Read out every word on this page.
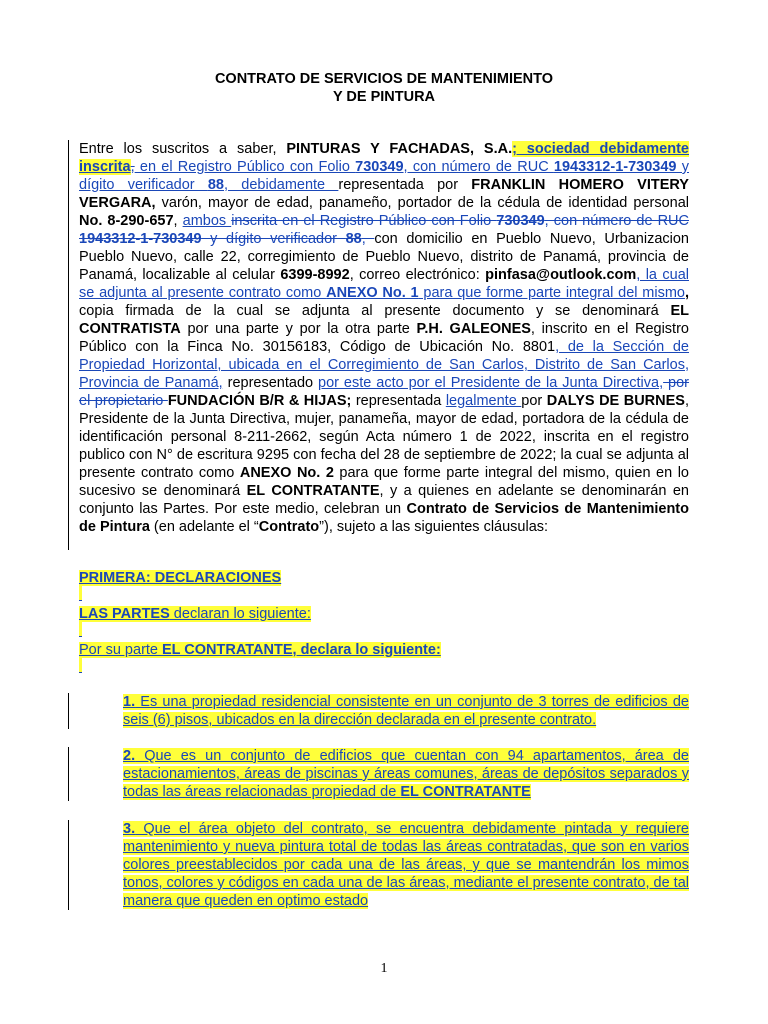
CONTRATO DE SERVICIOS DE MANTENIMIENTO
Y DE PINTURA
Entre los suscritos a saber, PINTURAS Y FACHADAS, S.A.; sociedad debidamente inscrita, en el Registro Público con Folio 730349, con número de RUC 1943312-1-730349 y dígito verificador 88, debidamente representada por FRANKLIN HOMERO VITERY VERGARA, varón, mayor de edad, panameño, portador de la cédula de identidad personal No. 8-290-657, ambos inscrita en el Registro Público con Folio 730349, con número de RUC 1943312-1-730349 y dígito verificador 88, con domicilio en Pueblo Nuevo, Urbanizacion Pueblo Nuevo, calle 22, corregimiento de Pueblo Nuevo, distrito de Panamá, provincia de Panamá, localizable al celular 6399-8992, correo electrónico: pinfasa@outlook.com, la cual se adjunta al presente contrato como ANEXO No. 1 para que forme parte integral del mismo, copia firmada de la cual se adjunta al presente documento y se denominará EL CONTRATISTA por una parte y por la otra parte P.H. GALEONES, inscrito en el Registro Público con la Finca No. 30156183, Código de Ubicación No. 8801, de la Sección de Propiedad Horizontal, ubicada en el Corregimiento de San Carlos, Distrito de San Carlos, Provincia de Panamá, representado por este acto por el Presidente de la Junta Directiva, por el propietario FUNDACIÓN B/R & HIJAS; representada legalmente por DALYS DE BURNES, Presidente de la Junta Directiva, mujer, panameña, mayor de edad, portadora de la cédula de identificación personal 8-211-2662, según Acta número 1 de 2022, inscrita en el registro publico con N° de escritura 9295 con fecha del 28 de septiembre de 2022; la cual se adjunta al presente contrato como ANEXO No. 2 para que forme parte integral del mismo, quien en lo sucesivo se denominará EL CONTRATANTE, y a quienes en adelante se denominarán en conjunto las Partes. Por este medio, celebran un Contrato de Servicios de Mantenimiento de Pintura (en adelante el “Contrato”), sujeto a las siguientes cláusulas:
PRIMERA: DECLARACIONES
LAS PARTES declaran lo siguiente:
Por su parte EL CONTRATANTE, declara lo siguiente:
1. Es una propiedad residencial consistente en un conjunto de 3 torres de edificios de seis (6) pisos, ubicados en la dirección declarada en el presente contrato.
2. Que es un conjunto de edificios que cuentan con 94 apartamentos, área de estacionamientos, áreas de piscinas y áreas comunes, áreas de depósitos separados y todas las áreas relacionadas propiedad de EL CONTRATANTE
3. Que el área objeto del contrato, se encuentra debidamente pintada y requiere mantenimiento y nueva pintura total de todas las áreas contratadas, que son en varios colores preestablecidos por cada una de las áreas, y que se mantendrán los mimos tonos, colores y códigos en cada una de las áreas, mediante el presente contrato, de tal manera que queden en optimo estado
1
